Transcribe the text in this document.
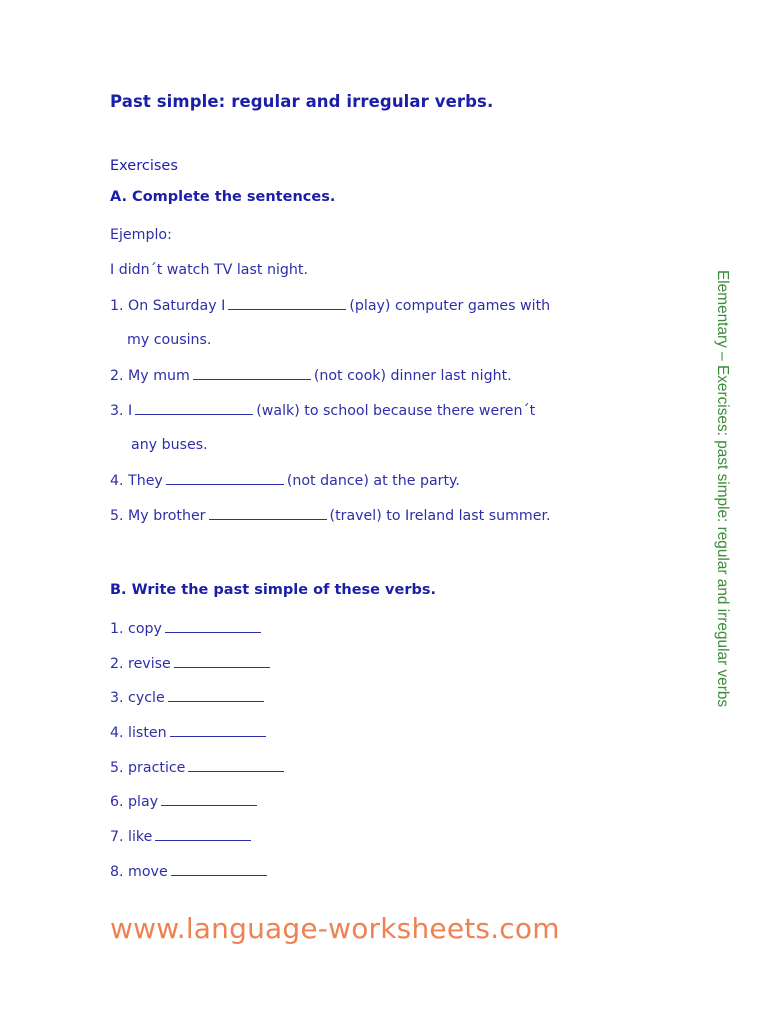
Past simple: regular and irregular verbs.
Exercises
A. Complete the sentences.
Ejemplo:
I didn´t watch TV last night.
1. On Saturday I	(play) computer games with
my cousins.
2. My mum	(not cook) dinner last night.
3. I	(walk) to school because there weren´t
any buses.
4. They	(not dance) at the party.
5. My brother	(travel) to Ireland last summer.
B. Write the past simple of these verbs.
1. copy
2. revise
3. cycle
4. listen
5. practice
6. play
7. like
8. move
Elementary – Exercises: past simple: regular and irregular verbs
www.language-worksheets.com
